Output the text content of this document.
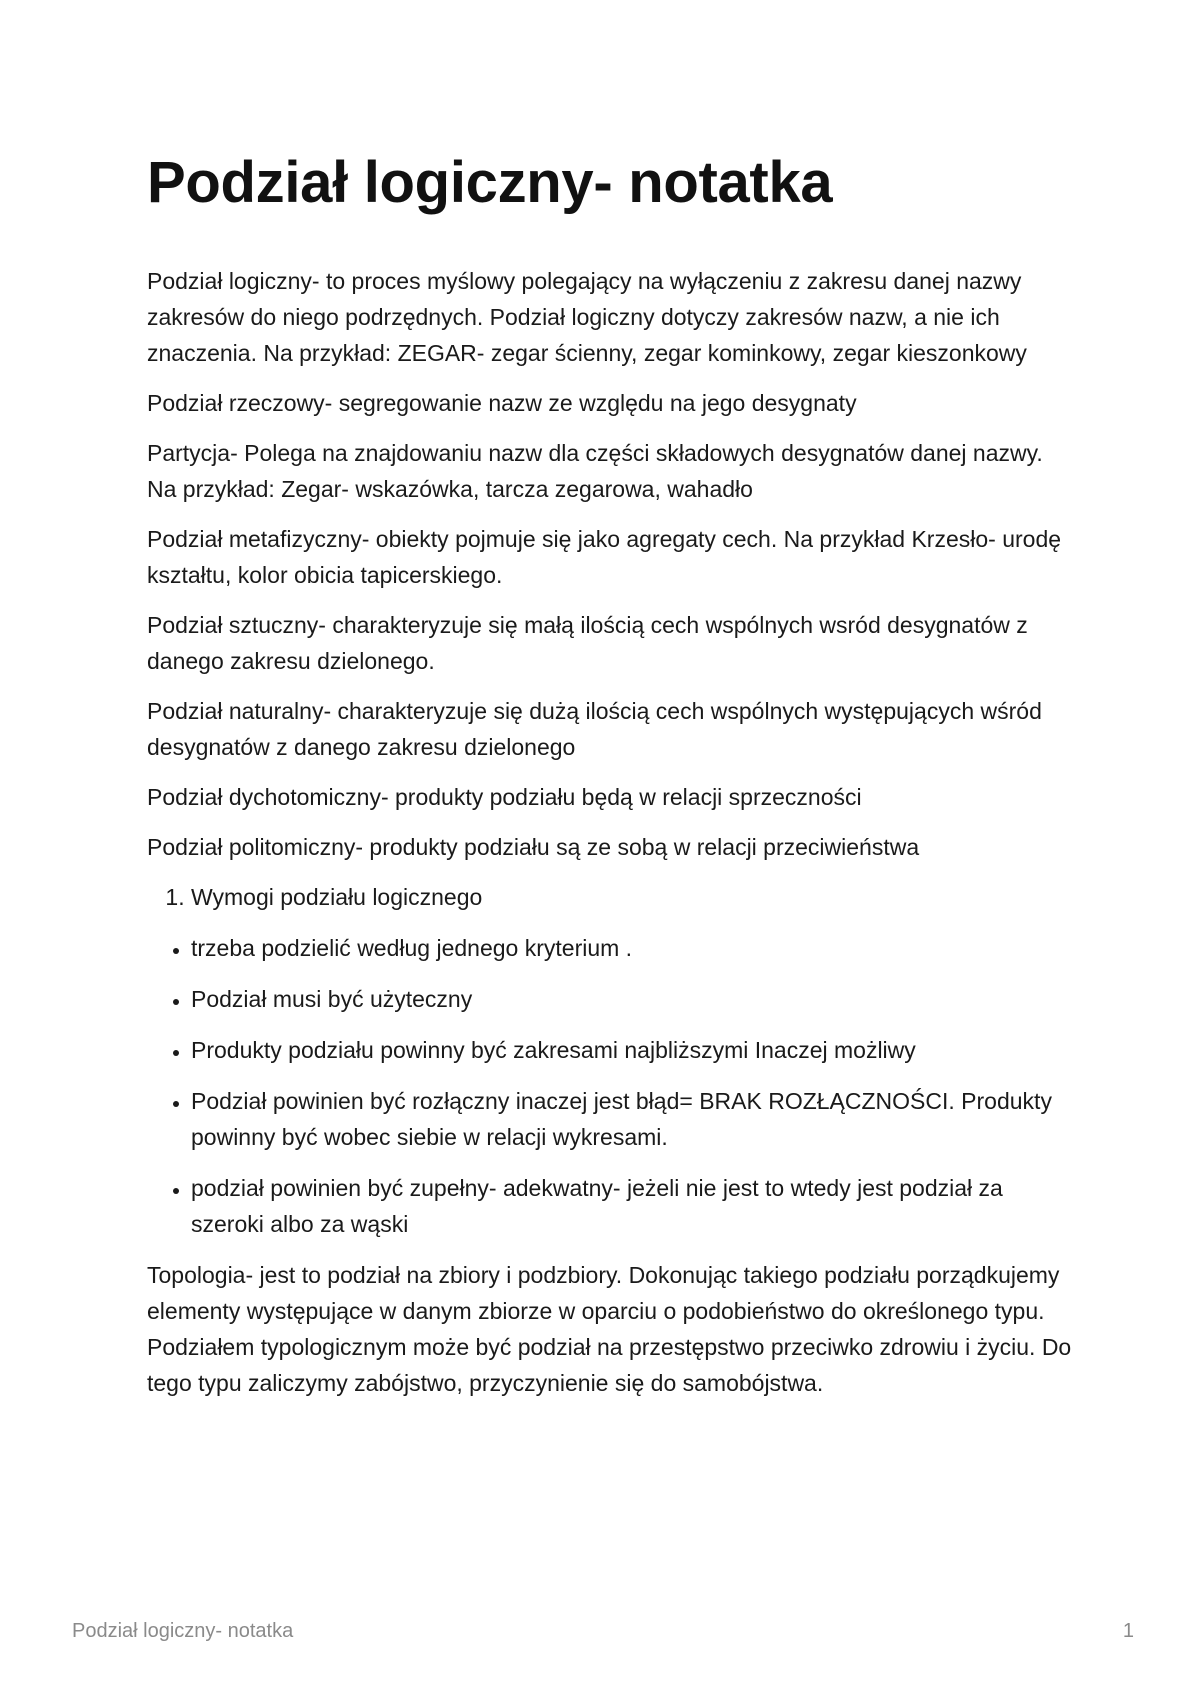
Podział logiczny- notatka

Podział logiczny- to proces myślowy polegający na wyłączeniu z zakresu danej nazwy zakresów do niego podrzędnych. Podział logiczny dotyczy zakresów nazw, a nie ich znaczenia. Na przykład: ZEGAR- zegar ścienny, zegar kominkowy, zegar kieszonkowy

Podział rzeczowy- segregowanie nazw ze względu na jego desygnaty

Partycja- Polega na znajdowaniu nazw dla części składowych desygnatów danej nazwy. Na przykład: Zegar- wskazówka, tarcza zegarowa, wahadło

Podział metafizyczny- obiekty pojmuje się jako agregaty cech. Na przykład Krzesło- urodę kształtu, kolor obicia tapicerskiego.

Podział sztuczny- charakteryzuje się małą ilością cech wspólnych wsród desygnatów z danego zakresu dzielonego.

Podział naturalny- charakteryzuje się dużą ilością cech wspólnych występujących wśród desygnatów z danego zakresu dzielonego

Podział dychotomiczny- produkty podziału będą w relacji sprzeczności

Podział politomiczny- produkty podziału są ze sobą w relacji przeciwieństwa

1. Wymogi podziału logicznego
• trzeba podzielić według jednego kryterium .
• Podział musi być użyteczny
• Produkty podziału powinny być zakresami najbliższymi Inaczej możliwy
• Podział powinien być rozłączny inaczej jest błąd= BRAK ROZŁĄCZNOŚCI. Produkty powinny być wobec siebie w relacji wykresami.
• podział powinien być zupełny- adekwatny- jeżeli nie jest to wtedy jest podział za szeroki albo za wąski

Topologia- jest to podział na zbiory i podzbiory. Dokonując takiego podziału porządkujemy elementy występujące w danym zbiorze w oparciu o podobieństwo do określonego typu. Podziałem typologicznym może być podział na przestępstwo przeciwko zdrowiu i życiu. Do tego typu zaliczymy zabójstwo, przyczynienie się do samobójstwa.

Podział logiczny- notatka	1
